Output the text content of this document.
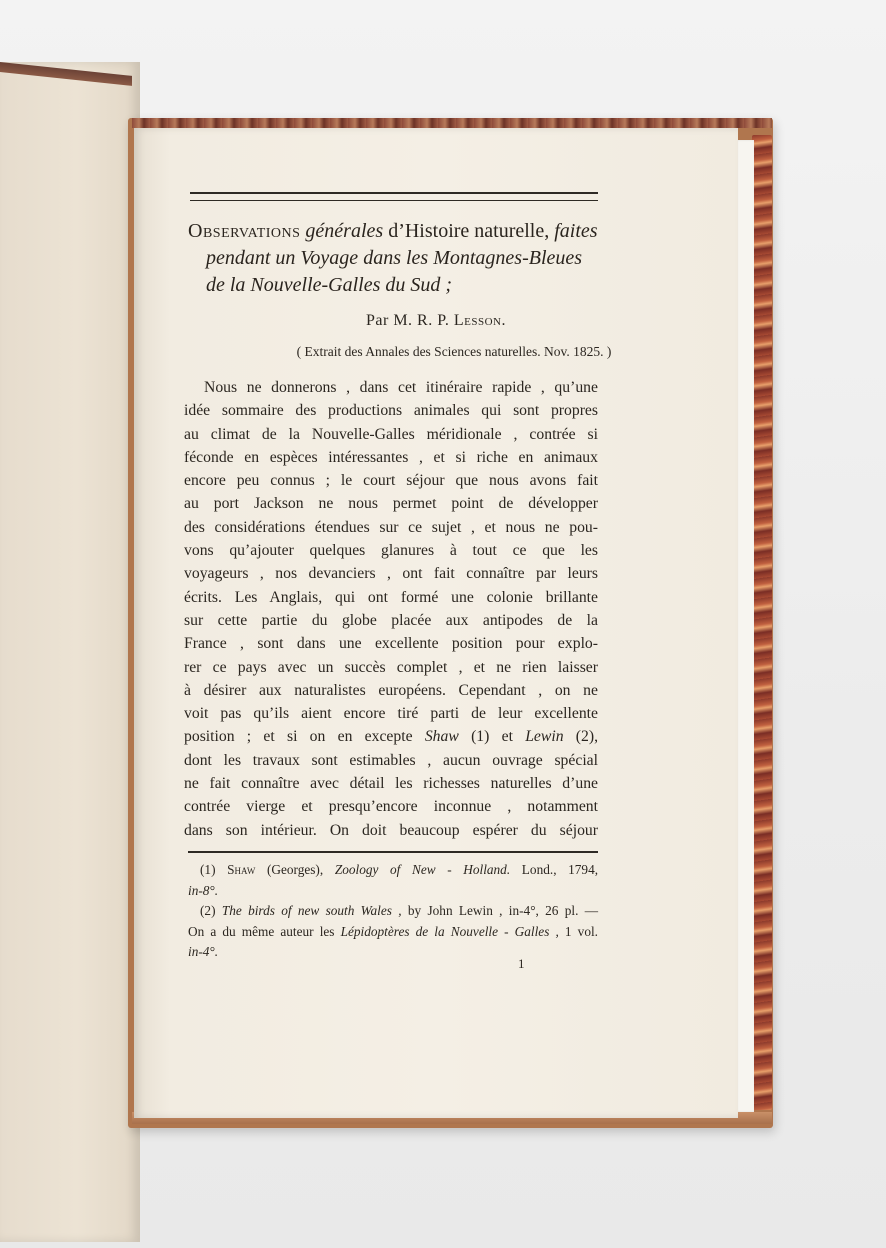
Observations générales d’Histoire naturelle, faites
pendant un Voyage dans les Montagnes-Bleues
de la Nouvelle-Galles du Sud ;
Par M. R. P. Lesson.
( Extrait des Annales des Sciences naturelles. Nov. 1825. )
Nous ne donnerons , dans cet itinéraire rapide , qu’une
idée sommaire des productions animales qui sont propres
au climat de la Nouvelle-Galles méridionale , contrée si
féconde en espèces intéressantes , et si riche en animaux
encore peu connus ; le court séjour que nous avons fait
au port Jackson ne nous permet point de développer
des considérations étendues sur ce sujet , et nous ne pou-
vons qu’ajouter quelques glanures à tout ce que les
voyageurs , nos devanciers , ont fait connaître par leurs
écrits. Les Anglais, qui ont formé une colonie brillante
sur cette partie du globe placée aux antipodes de la
France , sont dans une excellente position pour explo-
rer ce pays avec un succès complet , et ne rien laisser
à désirer aux naturalistes européens. Cependant , on ne
voit pas qu’ils aient encore tiré parti de leur excellente
position ; et si on en excepte Shaw (1) et Lewin (2),
dont les travaux sont estimables , aucun ouvrage spécial
ne fait connaître avec détail les richesses naturelles d’une
contrée vierge et presqu’encore inconnue , notamment
dans son intérieur. On doit beaucoup espérer du séjour
(1) Shaw (Georges), Zoology of New - Holland. Lond., 1794,
in-8°.
(2) The birds of new south Wales , by John Lewin , in-4°, 26 pl. —
On a du même auteur les Lépidoptères de la Nouvelle - Galles , 1 vol.
in-4°.
1
